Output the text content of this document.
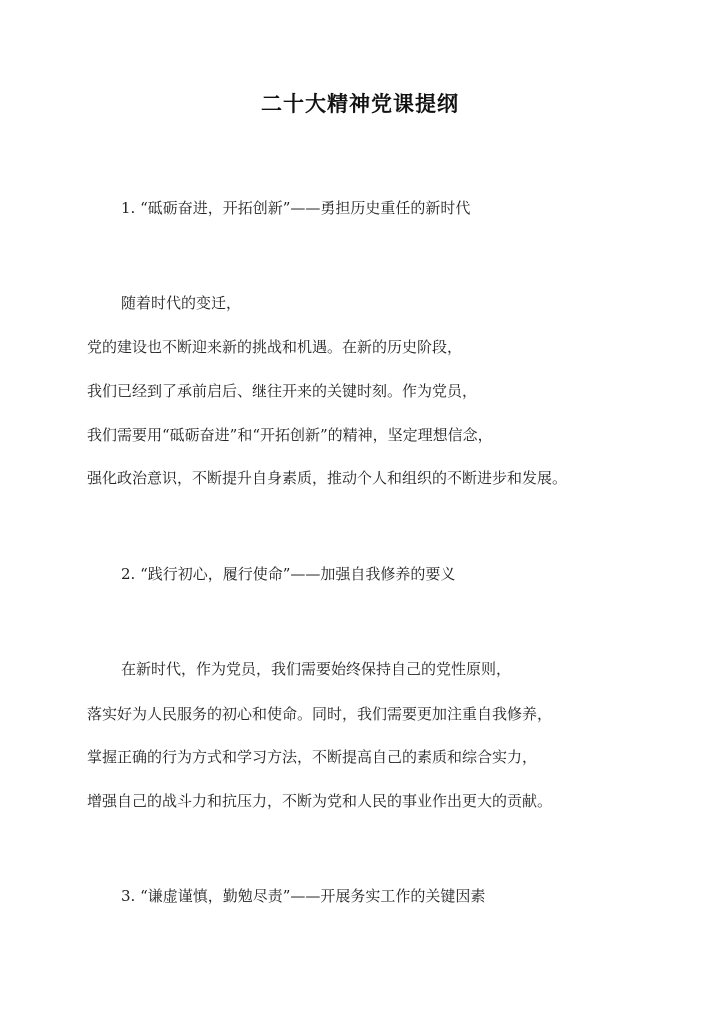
二十大精神党课提纲
1. “砥砺奋进，开拓创新”——勇担历史重任的新时代
随着时代的变迁，
党的建设也不断迎来新的挑战和机遇。在新的历史阶段，
我们已经到了承前启后、继往开来的关键时刻。作为党员，
我们需要用“砥砺奋进”和“开拓创新”的精神，坚定理想信念，
强化政治意识，不断提升自身素质，推动个人和组织的不断进步和发展。
2. “践行初心，履行使命”——加强自我修养的要义
在新时代，作为党员，我们需要始终保持自己的党性原则，
落实好为人民服务的初心和使命。同时，我们需要更加注重自我修养，
掌握正确的行为方式和学习方法，不断提高自己的素质和综合实力，
增强自己的战斗力和抗压力，不断为党和人民的事业作出更大的贡献。
3. “谦虚谨慎，勤勉尽责”——开展务实工作的关键因素
